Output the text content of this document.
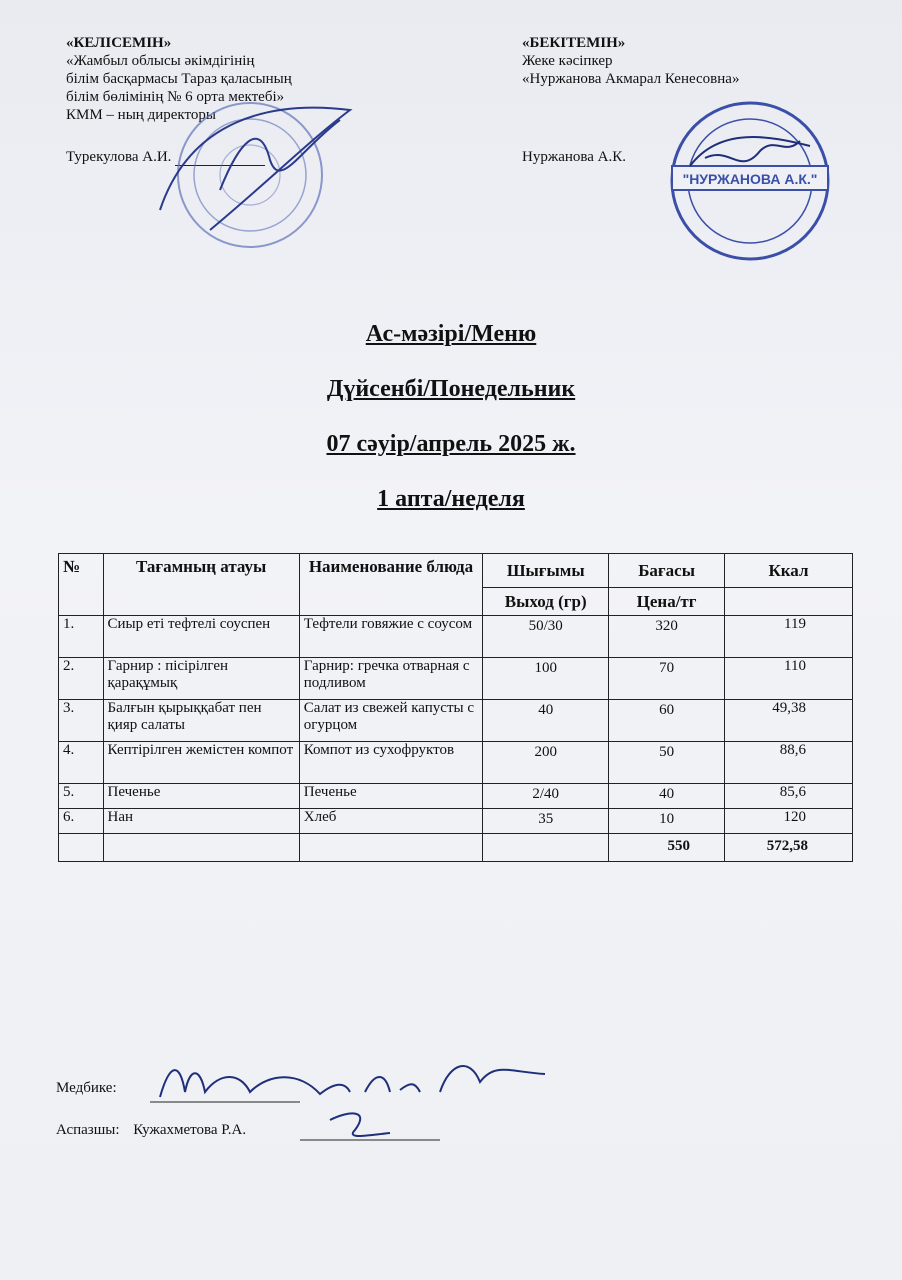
«КЕЛІСЕМІН»
«Жамбыл облысы әкімдігінің
білім басқармасы Тараз қаласының
білім бөлімінің № 6 орта мектебі»
КММ – ның директоры
Турекулова А.И.
«БЕКІТЕМІН»
Жеке кәсіпкер
«Нуржанова Акмарал Кенесовна»
Нуржанова А.К.
"НУРЖАНОВА А.К."
Ас-мәзірі/Меню
Дүйсенбі/Понедельник
07 сәуір/апрель 2025 ж.
1 апта/неделя
№	Тағамның атауы	Наименование блюда	Шығымы	Бағасы	Ккал
			Выход (гр)	Цена/тг	
1.	Сиыр еті тефтелі соуспен	Тефтели говяжие с соусом	50/30	320	119
2.	Гарнир : пісірілген қарақұмық	Гарнир: гречка отварная с подливом	100	70	110
3.	Балғын қырыққабат пен қияр салаты	Салат из свежей капусты с огурцом	40	60	49,38
4.	Кептірілген жемістен компот	Компот из сухофруктов	200	50	88,6
5.	Печенье	Печенье	2/40	40	85,6
6.	Нан	Хлеб	35	10	120
				550	572,58
Медбике:
Аспазшы: Кужахметова Р.А.
